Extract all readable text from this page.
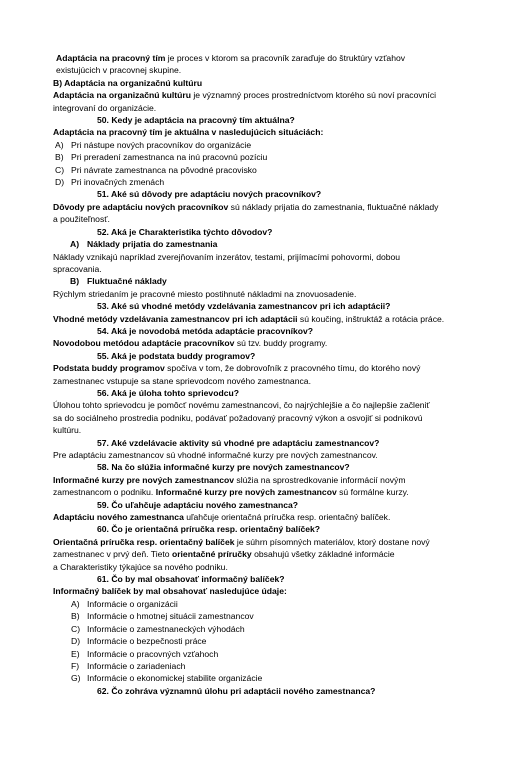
Adaptácia na pracovný tím je proces v ktorom sa pracovník zaraďuje do štruktúry vzťahov
existujúcich v pracovnej skupine.
B) Adaptácia na organizačnú kultúru
Adaptácia na organizačnú kultúru je významný proces prostredníctvom ktorého sú noví pracovníci
integrovaní do organizácie.
50. Kedy je adaptácia na pracovný tím aktuálna?
Adaptácia na pracovný tím je aktuálna v nasledujúcich situáciách:
A) Pri nástupe nových pracovníkov do organizácie
B) Pri preradení zamestnanca na inú pracovnú pozíciu
C) Pri návrate zamestnanca na pôvodné pracovisko
D) Pri inovačných zmenách
51. Aké sú dôvody pre adaptáciu nových pracovníkov?
Dôvody pre adaptáciu nových pracovníkov sú náklady prijatia do zamestnania, fluktuačné náklady
a použiteľnosť.
52. Aká je Charakteristika týchto dôvodov?
A) Náklady prijatia do zamestnania
Náklady vznikajú napríklad zverejňovaním inzerátov, testami, prijímacími pohovormi, dobou
spracovania.
B) Fluktuačné náklady
Rýchlym striedaním je pracovné miesto postihnuté nákladmi na znovuosadenie.
53. Aké sú vhodné metódy vzdelávania zamestnancov pri ich adaptácii?
Vhodné metódy vzdelávania zamestnancov pri ich adaptácii sú koučing, inštruktáž a rotácia práce.
54. Aká je novodobá metóda adaptácie pracovníkov?
Novodobou metódou adaptácie pracovníkov sú tzv. buddy programy.
55. Aká je podstata buddy programov?
Podstata buddy programov spočíva v tom, že dobrovoľník z pracovného tímu, do ktorého nový
zamestnanec vstupuje sa stane sprievodcom nového zamestnanca.
56. Aká je úloha tohto sprievodcu?
Úlohou tohto sprievodcu je pomôcť novému zamestnancovi, čo najrýchlejšie a čo najlepšie začleniť
sa do sociálneho prostredia podniku, podávať požadovaný pracovný výkon a osvojiť si podnikovú
kultúru.
57. Aké vzdelávacie aktivity sú vhodné pre adaptáciu zamestnancov?
Pre adaptáciu zamestnancov sú vhodné informačné kurzy pre nových zamestnancov.
58. Na čo slúžia informačné kurzy pre nových zamestnancov?
Informačné kurzy pre nových zamestnancov slúžia na sprostredkovanie informácií novým
zamestnancom o podniku. Informačné kurzy pre nových zamestnancov sú formálne kurzy.
59. Čo uľahčuje adaptáciu nového zamestnanca?
Adaptáciu nového zamestnanca uľahčuje orientačná príručka resp. orientačný balíček.
60. Čo je orientačná príručka resp. orientačný balíček?
Orientačná príručka resp. orientačný balíček je súhrn písomných materiálov, ktorý dostane nový
zamestnanec v prvý deň. Tieto orientačné príručky obsahujú všetky základné informácie
a Charakteristiky týkajúce sa nového podniku.
61. Čo by mal obsahovať informačný balíček?
Informačný balíček by mal obsahovať nasledujúce údaje:
A) Informácie o organizácii
B) Informácie o hmotnej situácii zamestnancov
C) Informácie o zamestnaneckých výhodách
D) Informácie o bezpečnosti práce
E) Informácie o pracovných vzťahoch
F) Informácie o zariadeniach
G) Informácie o ekonomickej stabilite organizácie
62. Čo zohráva významnú úlohu pri adaptácii nového zamestnanca?
